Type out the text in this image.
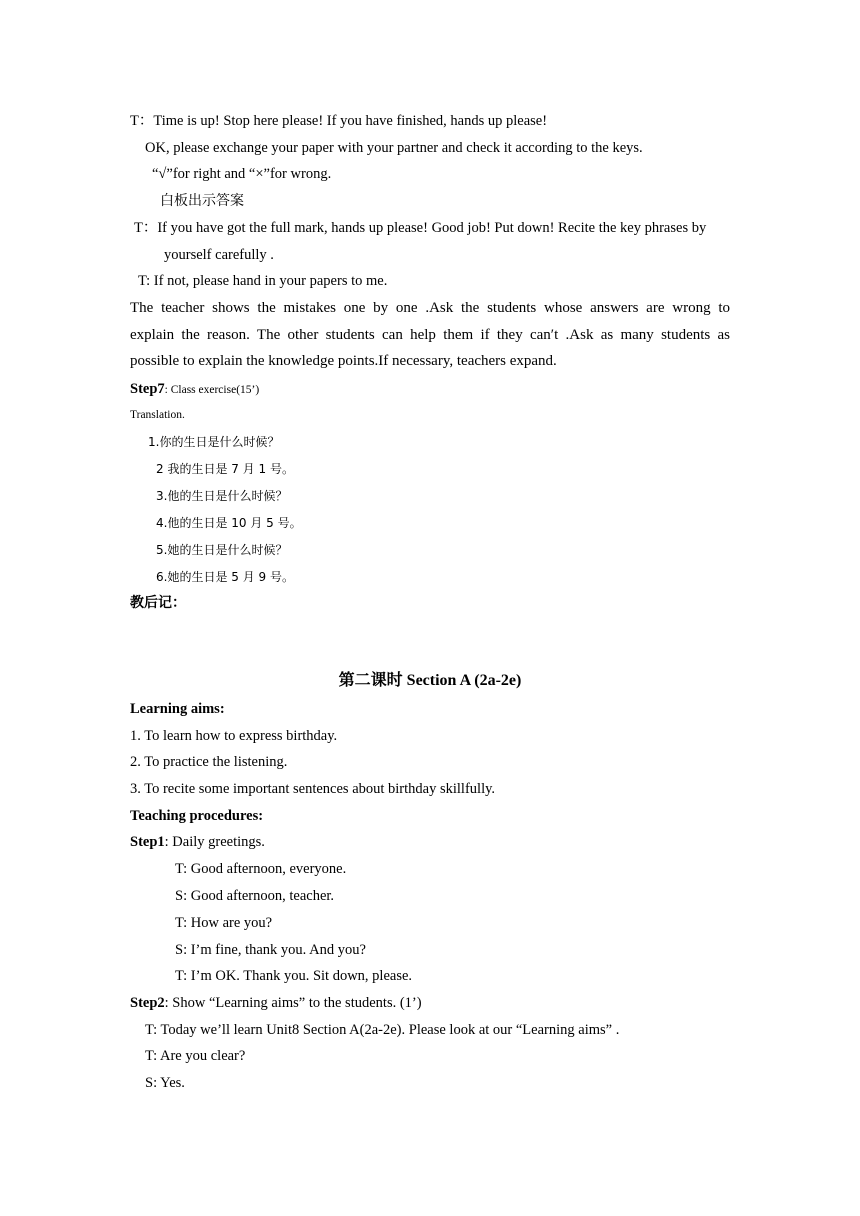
T：Time is up! Stop here please! If you have finished, hands up please!
OK, please exchange your paper with your partner and check it according to the keys.
“√”for right and “×”for wrong.
白板出示答案
T：If you have got the full mark, hands up please! Good job! Put down! Recite the key phrases by
yourself carefully .
T: If not, please hand in your papers to me.
The teacher shows the mistakes one by one .Ask the students whose answers are wrong to
explain the reason. The other students can help them if they can′t .Ask as many students as
possible to explain the knowledge points.If necessary, teachers expand.
Step7: Class exercise(15’)
Translation.
1.你的生日是什么时候？
2 我的生日是 7 月 1 号。
3.他的生日是什么时候？
4.他的生日是 10 月 5 号。
5.她的生日是什么时候？
6.她的生日是 5 月 9 号。
教后记：
第二课时 Section A (2a-2e)
Learning aims:
1. To learn how to express birthday.
2. To practice the listening.
3. To recite some important sentences about birthday skillfully.
Teaching procedures:
Step1: Daily greetings.
T: Good afternoon, everyone.
S: Good afternoon, teacher.
T: How are you?
S: I’m fine, thank you. And you?
T: I’m OK. Thank you. Sit down, please.
Step2: Show “Learning aims” to the students. (1’)
T: Today we’ll learn Unit8 Section A(2a-2e). Please look at our “Learning aims” .
T: Are you clear?
S: Yes.
